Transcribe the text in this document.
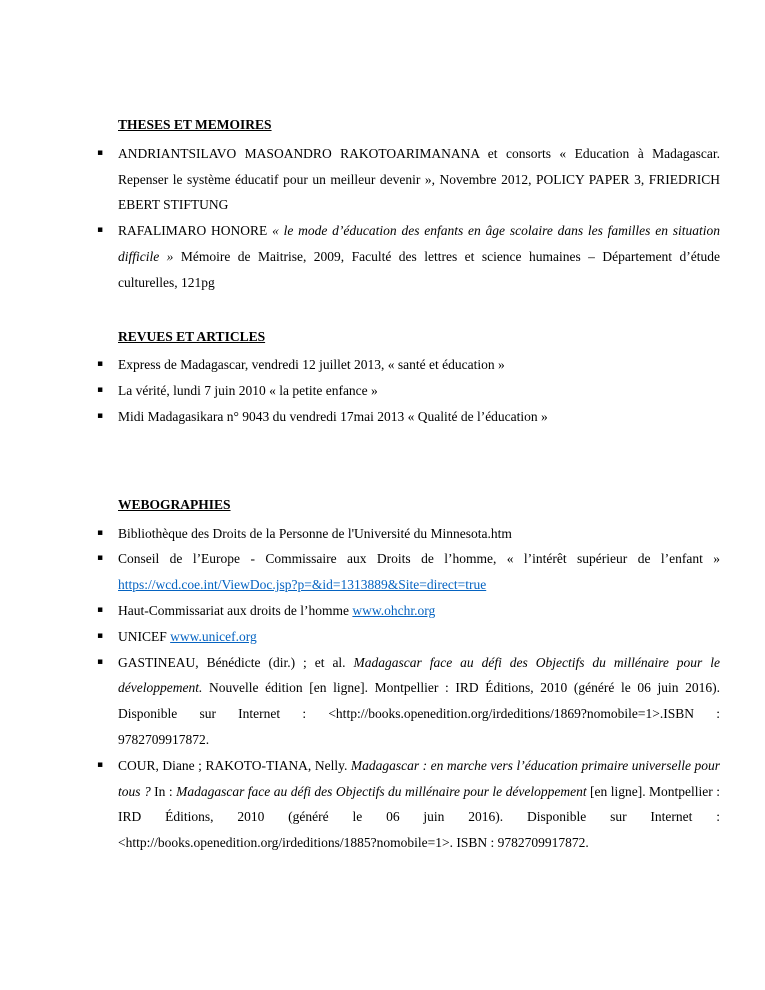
THESES ET MEMOIRES
▪ ANDRIANTSILAVO MASOANDRO RAKOTOARIMANANA et consorts « Education à Madagascar. Repenser le système éducatif pour un meilleur devenir », Novembre 2012, POLICY PAPER 3, FRIEDRICH EBERT STIFTUNG
▪ RAFALIMARO HONORE « le mode d’éducation des enfants en âge scolaire dans les familles en situation difficile » Mémoire de Maitrise, 2009, Faculté des lettres et science humaines – Département d’étude culturelles, 121pg
REVUES ET ARTICLES
▪ Express de Madagascar, vendredi 12 juillet 2013, « santé et éducation »
▪ La vérité, lundi 7 juin 2010 « la petite enfance »
▪ Midi Madagasikara n° 9043 du vendredi 17mai 2013 « Qualité de l’éducation »
WEBOGRAPHIES
▪ Bibliothèque des Droits de la Personne de l'Université du Minnesota.htm
▪ Conseil de l’Europe - Commissaire aux Droits de l’homme, « l’intérêt supérieur de l’enfant » https://wcd.coe.int/ViewDoc.jsp?p=&id=1313889&Site=direct=true
▪ Haut-Commissariat aux droits de l’homme www.ohchr.org
▪ UNICEF www.unicef.org
▪ GASTINEAU, Bénédicte (dir.) ; et al. Madagascar face au défi des Objectifs du millénaire pour le développement. Nouvelle édition [en ligne]. Montpellier : IRD Éditions, 2010 (généré le 06 juin 2016). Disponible sur Internet : <http://books.openedition.org/irdeditions/1869?nomobile=1>.ISBN : 9782709917872.
▪ COUR, Diane ; RAKOTO-TIANA, Nelly. Madagascar : en marche vers l’éducation primaire universelle pour tous ? In : Madagascar face au défi des Objectifs du millénaire pour le développement [en ligne]. Montpellier : IRD Éditions, 2010 (généré le 06 juin 2016). Disponible sur Internet : <http://books.openedition.org/irdeditions/1885?nomobile=1>. ISBN : 9782709917872.
